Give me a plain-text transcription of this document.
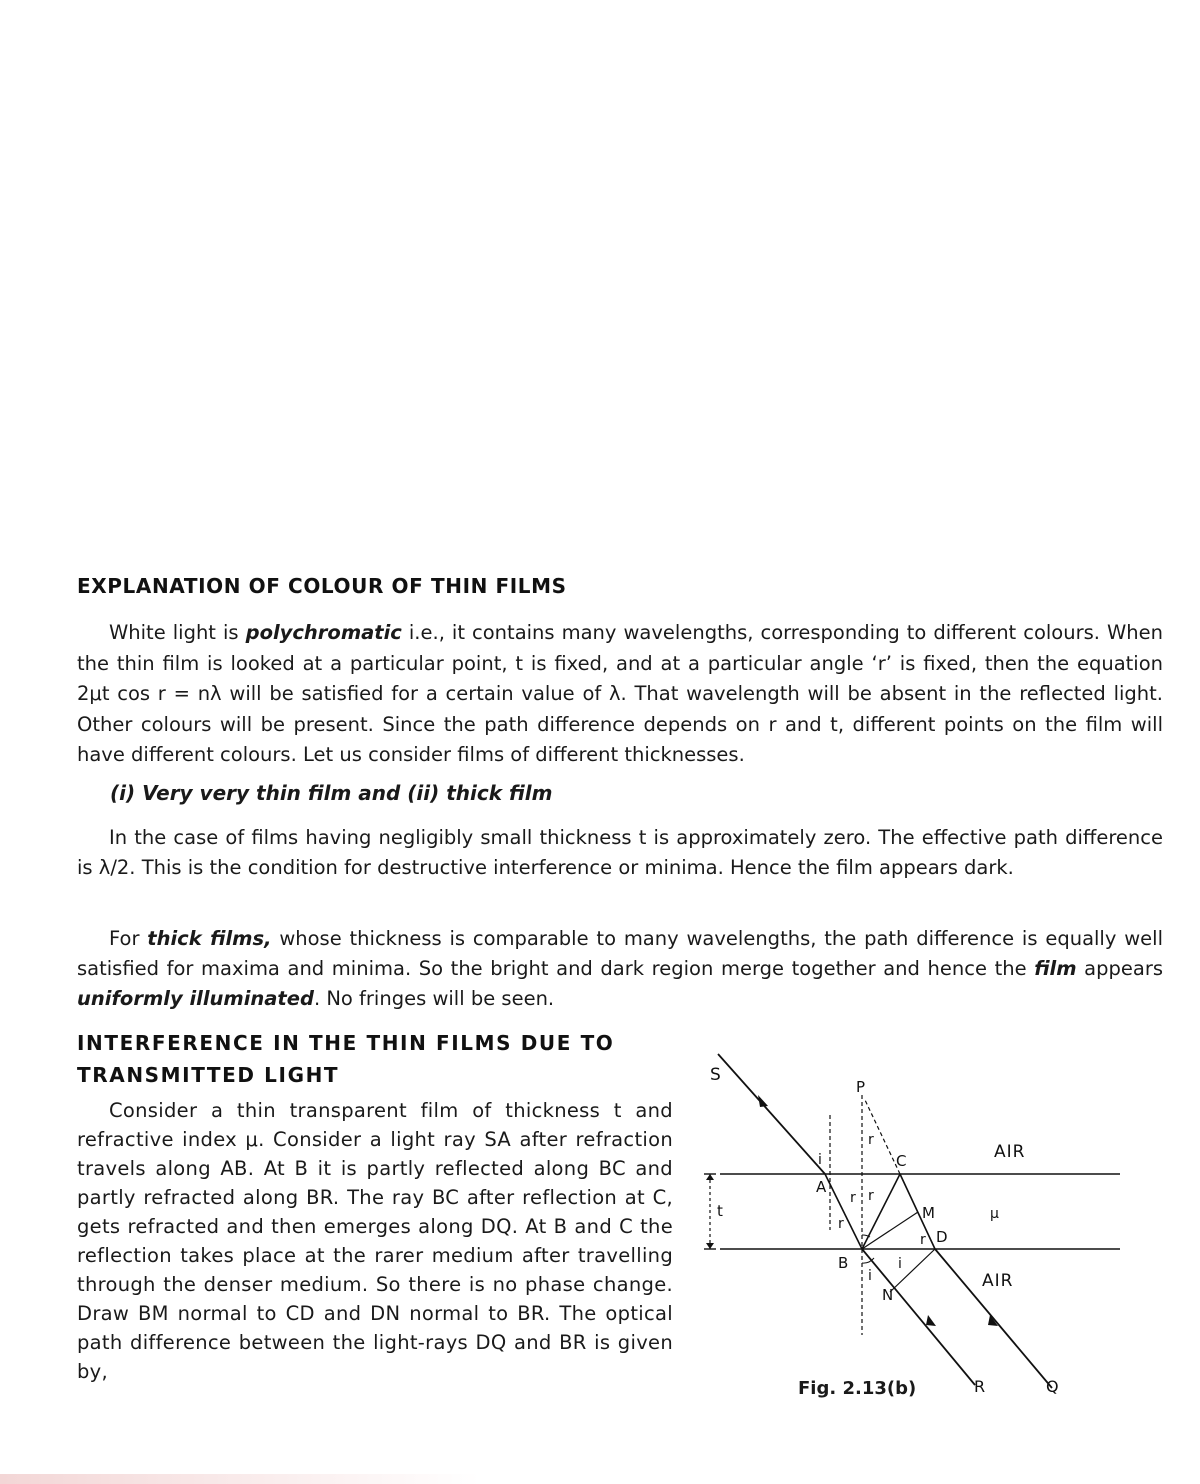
EXPLANATION OF COLOUR OF THIN FILMS

White light is polychromatic i.e., it contains many wavelengths, corresponding to different colours. When the thin film is looked at a particular point, t is fixed, and at a particular angle ‘r’ is fixed, then the equation 2μt cos r = nλ will be satisfied for a certain value of λ. That wavelength will be absent in the reflected light. Other colours will be present. Since the path difference depends on r and t, different points on the film will have different colours. Let us consider films of different thicknesses.

(i) Very very thin film and (ii) thick film

In the case of films having negligibly small thickness t is approximately zero. The effective path difference is λ/2. This is the condition for destructive interference or minima. Hence the film appears dark.

For thick films, whose thickness is comparable to many wavelengths, the path difference is equally well satisfied for maxima and minima. So the bright and dark region merge together and hence the film appears uniformly illuminated. No fringes will be seen.

INTERFERENCE IN THE THIN FILMS DUE TO
TRANSMITTED LIGHT

Consider a thin transparent film of thickness t and refractive index μ. Consider a light ray SA after refraction travels along AB. At B it is partly reflected along BC and partly refracted along BR. The ray BC after reflection at C, gets refracted and then emerges along DQ. At B and C the reflection takes place at the rarer medium after travelling through the denser medium. So there is no phase change. Draw BM normal to CD and DN normal to BR. The optical path difference between the light-rays DQ and BR is given by,

S
P
A
B
C
D
M
N
R	Q
i
r
r r
r
r
i
i
t	μ
AIR
AIR
Fig. 2.13(b)
